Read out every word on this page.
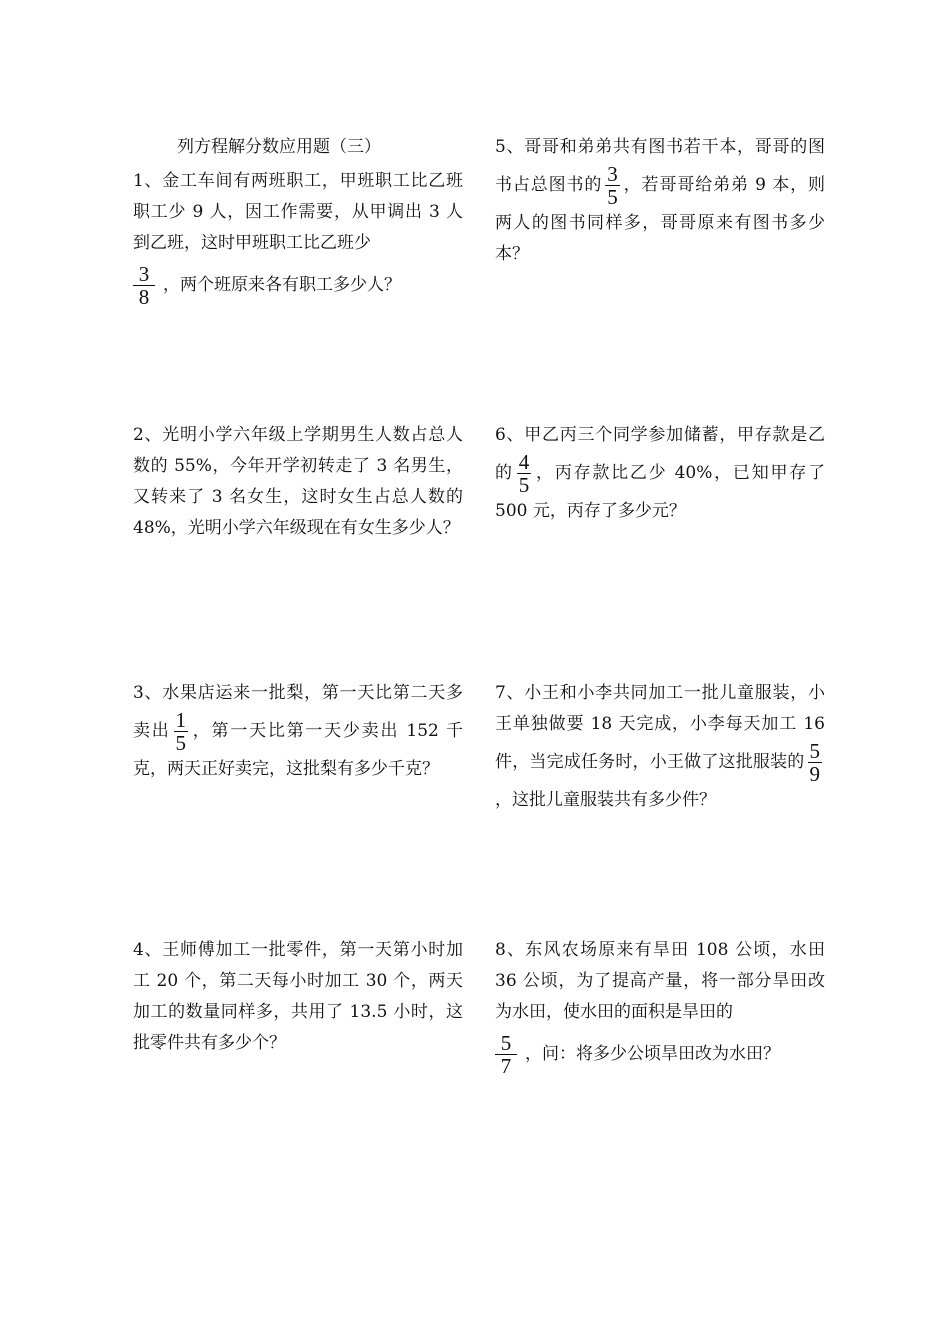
列方程解分数应用题（三）
1、金工车间有两班职工，甲班职工比乙班职工少 9 人，因工作需要，从甲调出 3 人到乙班，这时甲班职工比乙班少
3
8 ，两个班原来各有职工多少人？
2、光明小学六年级上学期男生人数占总人数的 55%，今年开学初转走了 3 名男生，又转来了 3 名女生，这时女生占总人数的 48%，光明小学六年级现在有女生多少人？
3、水果店运来一批梨，第一天比第二天多卖出 $\frac{1}{5}$ ，第一天比第一天少卖出 152 千克，两天正好卖完，这批梨有多少千克？
4、王师傅加工一批零件，第一天第小时加工 20 个，第二天每小时加工 30 个，两天加工的数量同样多，共用了 13.5 小时，这批零件共有多少个？
5、哥哥和弟弟共有图书若干本，哥哥的图书占总图书的 $\frac{3}{5}$ ，若哥哥给弟弟 9 本，则两人的图书同样多，哥哥原来有图书多少本？
6、甲乙丙三个同学参加储蓄，甲存款是乙的 $\frac{4}{5}$ ，丙存款比乙少 40%，已知甲存了 500 元，丙存了多少元？
7、小王和小李共同加工一批儿童服装，小王单独做要 18 天完成，小李每天加工 16 件，当完成任务时，小王做了这批服装的 $\frac{5}{9}$
，这批儿童服装共有多少件？
8、东风农场原来有旱田 108 公顷，水田 36 公顷，为了提高产量，将一部分旱田改为水田，使水田的面积是旱田的
5
7 ，问：将多少公顷旱田改为水田？
